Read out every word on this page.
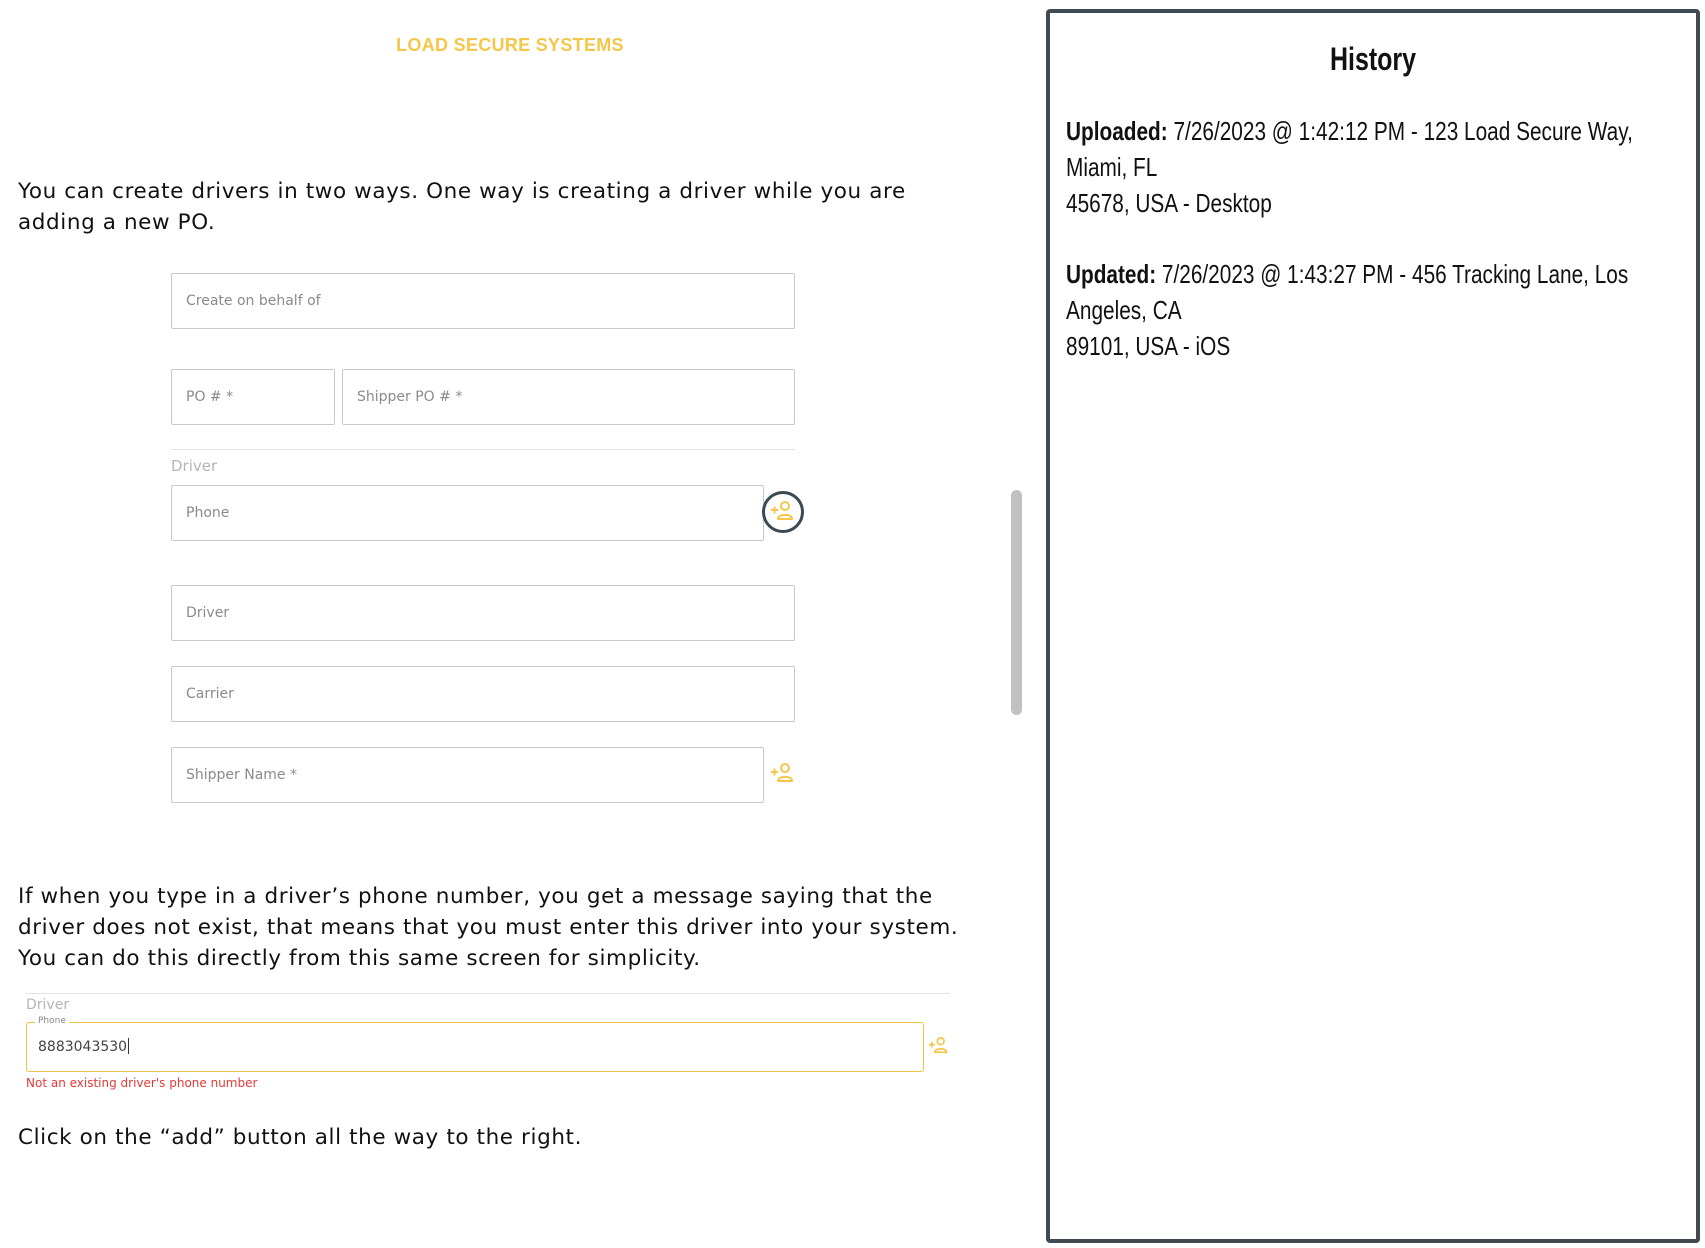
LOAD SECURE SYSTEMS
You can create drivers in two ways. One way is creating a driver while you are adding a new PO.
Create on behalf of
PO # *	Shipper PO # *
Driver
Phone
Driver
Carrier
Shipper Name *
If when you type in a driver’s phone number, you get a message saying that the driver does not exist, that means that you must enter this driver into your system. You can do this directly from this same screen for simplicity.
Driver
Phone
8883043530
Not an existing driver's phone number
Click on the “add” button all the way to the right.
History
Uploaded: 7/26/2023 @ 1:42:12 PM - 123 Load Secure Way, Miami, FL
45678, USA - Desktop
Updated: 7/26/2023 @ 1:43:27 PM - 456 Tracking Lane, Los Angeles, CA
89101, USA - iOS
